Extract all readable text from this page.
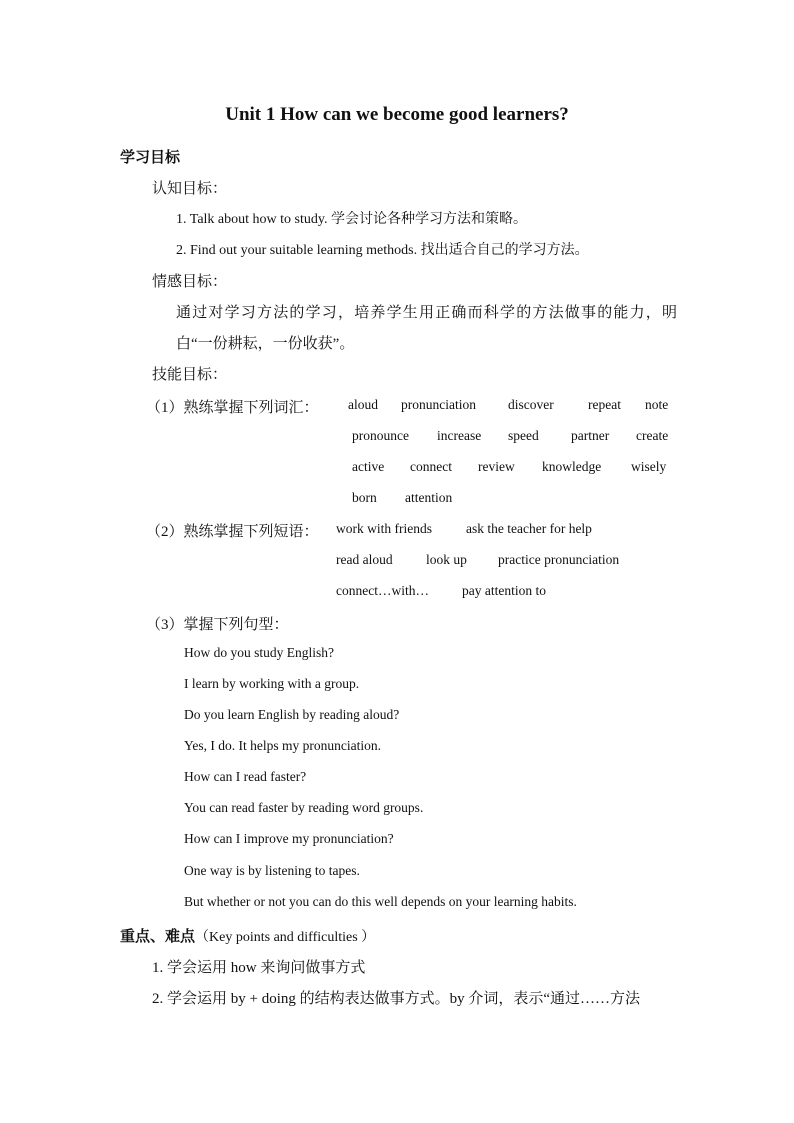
Unit 1 How can we become good learners?
学习目标
认知目标：
1. Talk about how to study. 学会讨论各种学习方法和策略。
2. Find out your suitable learning methods. 找出适合自己的学习方法。
情感目标：
通过对学习方法的学习，培养学生用正确而科学的方法做事的能力，明
白“一份耕耘，一份收获”。
技能目标：
（1）熟练掌握下列词汇： aloud pronunciation discover	repeat note
pronounce increase speed partner create
active connect review knowledge wisely
born attention
（2）熟练掌握下列短语： work with friends	ask the teacher for help
read aloud look up practice pronunciation
connect…with… pay attention to
（3）掌握下列句型：
How do you study English?
I learn by working with a group.
Do you learn English by reading aloud?
Yes, I do. It helps my pronunciation.
How can I read faster?
You can read faster by reading word groups.
How can I improve my pronunciation?
One way is by listening to tapes.
But whether or not you can do this well depends on your learning habits.
重点、难点（Key points and difficulties ）
1. 学会运用 how 来询问做事方式
2. 学会运用 by + doing 的结构表达做事方式。by 介词，表示“通过……方法
